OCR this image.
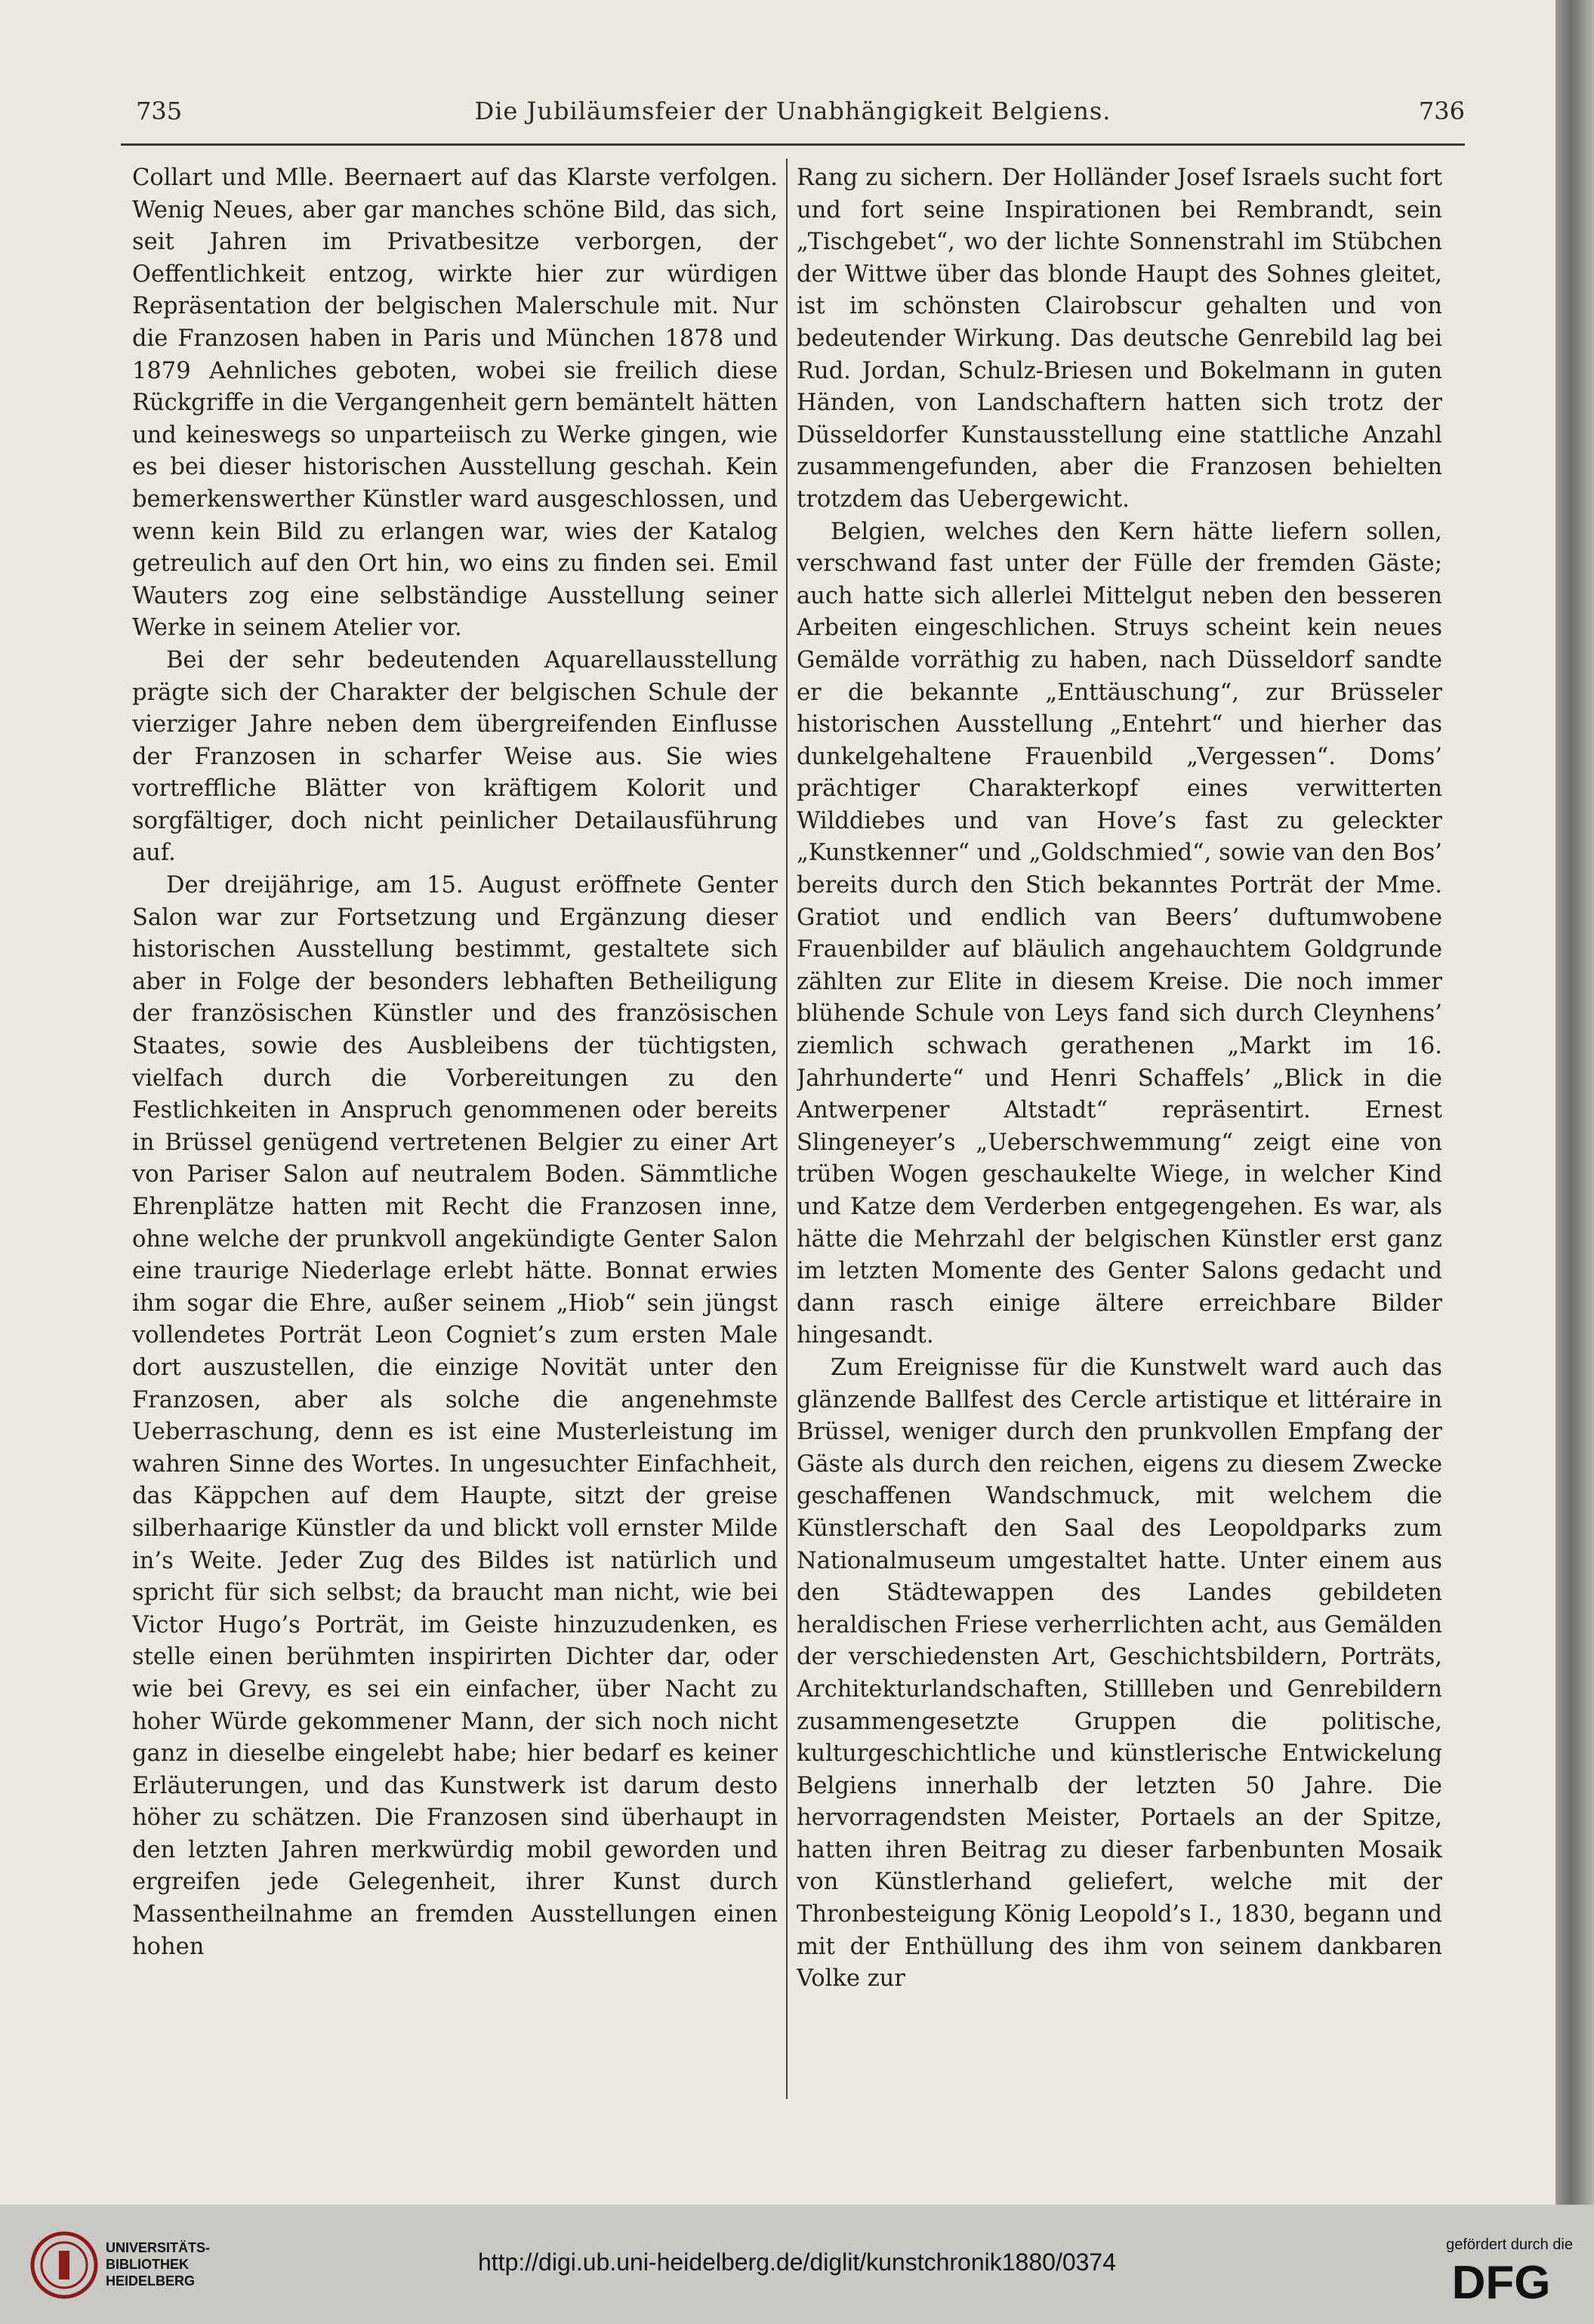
735	Die Jubiläumsfeier der Unabhängigkeit Belgiens.	736

Collart und Mlle. Beernaert auf das Klarste verfolgen. Wenig Neues, aber gar manches schöne Bild, das sich, seit Jahren im Privatbesitze verborgen, der Oeffentlichkeit entzog, wirkte hier zur würdigen Repräsentation der belgischen Malerschule mit. Nur die Franzosen haben in Paris und München 1878 und 1879 Aehnliches geboten, wobei sie freilich diese Rückgriffe in die Vergangenheit gern bemäntelt hätten und keineswegs so unparteiisch zu Werke gingen, wie es bei dieser historischen Ausstellung geschah. Kein bemerkenswerther Künstler ward ausgeschlossen, und wenn kein Bild zu erlangen war, wies der Katalog getreulich auf den Ort hin, wo eins zu finden sei. Emil Wauters zog eine selbständige Ausstellung seiner Werke in seinem Atelier vor.

Bei der sehr bedeutenden Aquarellausstellung prägte sich der Charakter der belgischen Schule der vierziger Jahre neben dem übergreifenden Einflusse der Franzosen in scharfer Weise aus. Sie wies vortreffliche Blätter von kräftigem Kolorit und sorgfältiger, doch nicht peinlicher Detailausführung auf.

Der dreijährige, am 15. August eröffnete Genter Salon war zur Fortsetzung und Ergänzung dieser historischen Ausstellung bestimmt, gestaltete sich aber in Folge der besonders lebhaften Betheiligung der französischen Künstler und des französischen Staates, sowie des Ausbleibens der tüchtigsten, vielfach durch die Vorbereitungen zu den Festlichkeiten in Anspruch genommenen oder bereits in Brüssel genügend vertretenen Belgier zu einer Art von Pariser Salon auf neutralem Boden. Sämmtliche Ehrenplätze hatten mit Recht die Franzosen inne, ohne welche der prunkvoll angekündigte Genter Salon eine traurige Niederlage erlebt hätte. Bonnat erwies ihm sogar die Ehre, außer seinem „Hiob“ sein jüngst vollendetes Porträt Leon Cogniet’s zum ersten Male dort auszustellen, die einzige Novität unter den Franzosen, aber als solche die angenehmste Ueberraschung, denn es ist eine Musterleistung im wahren Sinne des Wortes. In ungesuchter Einfachheit, das Käppchen auf dem Haupte, sitzt der greise silberhaarige Künstler da und blickt voll ernster Milde in’s Weite. Jeder Zug des Bildes ist natürlich und spricht für sich selbst; da braucht man nicht, wie bei Victor Hugo’s Porträt, im Geiste hinzuzudenken, es stelle einen berühmten inspirirten Dichter dar, oder wie bei Grevy, es sei ein einfacher, über Nacht zu hoher Würde gekommener Mann, der sich noch nicht ganz in dieselbe eingelebt habe; hier bedarf es keiner Erläuterungen, und das Kunstwerk ist darum desto höher zu schätzen. Die Franzosen sind überhaupt in den letzten Jahren merkwürdig mobil geworden und ergreifen jede Gelegenheit, ihrer Kunst durch Massentheilnahme an fremden Ausstellungen einen hohen

Rang zu sichern. Der Holländer Josef Israels sucht fort und fort seine Inspirationen bei Rembrandt, sein „Tischgebet“, wo der lichte Sonnenstrahl im Stübchen der Wittwe über das blonde Haupt des Sohnes gleitet, ist im schönsten Clairobscur gehalten und von bedeutender Wirkung. Das deutsche Genrebild lag bei Rud. Jordan, Schulz-Briesen und Bokelmann in guten Händen, von Landschaftern hatten sich trotz der Düsseldorfer Kunstausstellung eine stattliche Anzahl zusammengefunden, aber die Franzosen behielten trotzdem das Uebergewicht.

Belgien, welches den Kern hätte liefern sollen, verschwand fast unter der Fülle der fremden Gäste; auch hatte sich allerlei Mittelgut neben den besseren Arbeiten eingeschlichen. Struys scheint kein neues Gemälde vorräthig zu haben, nach Düsseldorf sandte er die bekannte „Enttäuschung“, zur Brüsseler historischen Ausstellung „Entehrt“ und hierher das dunkelgehaltene Frauenbild „Vergessen“. Doms’ prächtiger Charakterkopf eines verwitterten Wilddiebes und van Hove’s fast zu geleckter „Kunstkenner“ und „Goldschmied“, sowie van den Bos’ bereits durch den Stich bekanntes Porträt der Mme. Gratiot und endlich van Beers’ duftumwobene Frauenbilder auf bläulich angehauchtem Goldgrunde zählten zur Elite in diesem Kreise. Die noch immer blühende Schule von Leys fand sich durch Cleynhens’ ziemlich schwach gerathenen „Markt im 16. Jahrhunderte“ und Henri Schaffels’ „Blick in die Antwerpener Altstadt“ repräsentirt. Ernest Slingeneyer’s „Ueberschwemmung“ zeigt eine von trüben Wogen geschaukelte Wiege, in welcher Kind und Katze dem Verderben entgegengehen. Es war, als hätte die Mehrzahl der belgischen Künstler erst ganz im letzten Momente des Genter Salons gedacht und dann rasch einige ältere erreichbare Bilder hingesandt.

Zum Ereignisse für die Kunstwelt ward auch das glänzende Ballfest des Cercle artistique et littéraire in Brüssel, weniger durch den prunkvollen Empfang der Gäste als durch den reichen, eigens zu diesem Zwecke geschaffenen Wandschmuck, mit welchem die Künstlerschaft den Saal des Leopoldparks zum Nationalmuseum umgestaltet hatte. Unter einem aus den Städtewappen des Landes gebildeten heraldischen Friese verherrlichten acht, aus Gemälden der verschiedensten Art, Geschichtsbildern, Porträts, Architekturlandschaften, Stillleben und Genrebildern zusammengesetzte Gruppen die politische, kulturgeschichtliche und künstlerische Entwickelung Belgiens innerhalb der letzten 50 Jahre. Die hervorragendsten Meister, Portaels an der Spitze, hatten ihren Beitrag zu dieser farbenbunten Mosaik von Künstlerhand geliefert, welche mit der Thronbesteigung König Leopold’s I., 1830, begann und mit der Enthüllung des ihm von seinem dankbaren Volke zur

UNIVERSITÄTS-
BIBLIOTHEK
HEIDELBERG
http://digi.ub.uni-heidelberg.de/diglit/kunstchronik1880/0374
gefördert durch die
DFG
